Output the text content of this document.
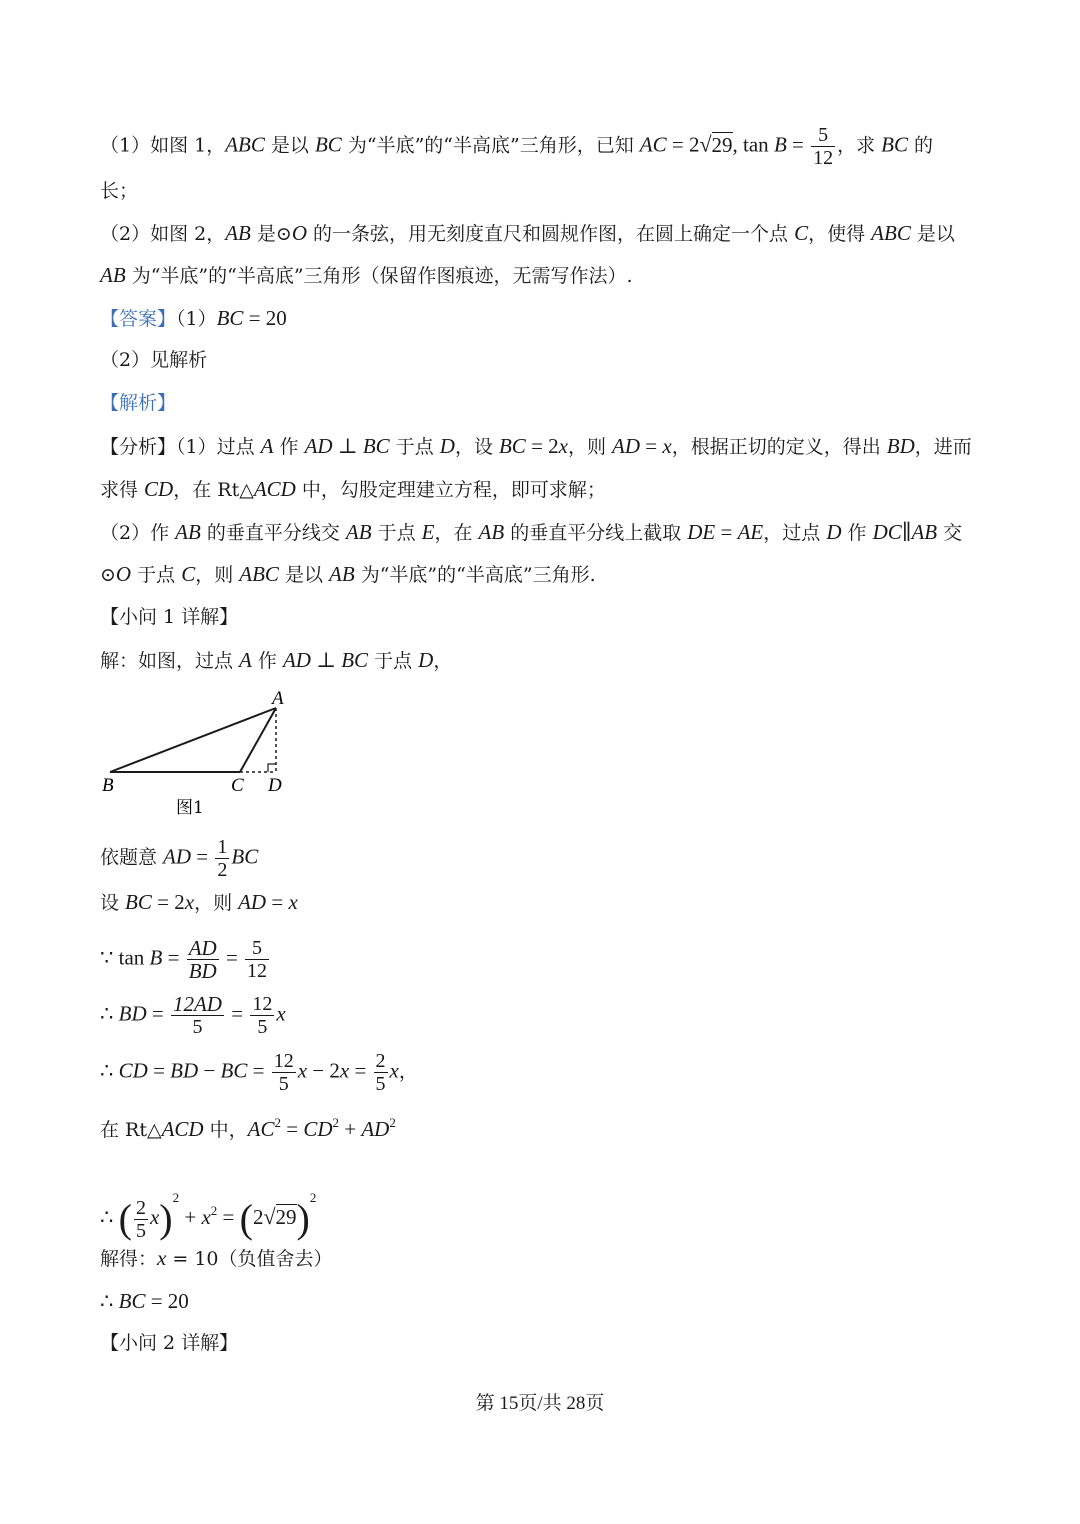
（1）如图 1，ABC 是以 BC 为“半底”的“半高底”三角形，已知 AC = 2√29, $\tan B = \frac{5}{12}$ ，求 BC 的
长；
（2）如图 2，AB 是⊙O 的一条弦，用无刻度直尺和圆规作图，在圆上确定一个点 C，使得 ABC 是以
AB 为“半底”的“半高底”三角形（保留作图痕迹，无需写作法）.
【答案】（1）BC = 20
（2）见解析
【解析】
【分析】（1）过点 A 作 AD ⊥ BC 于点 D，设 BC = 2x，则 AD = x，根据正切的定义，得出 BD，进而
求得 CD，在 Rt△ACD 中，勾股定理建立方程，即可求解；
（2）作 AB 的垂直平分线交 AB 于点 E，在 AB 的垂直平分线上截取 DE = AE，过点 D 作 DC∥AB 交
⊙O 于点 C，则 ABC 是以 AB 为“半底”的“半高底”三角形.
【小问 1 详解】
解：如图，过点 A 作 AD ⊥ BC 于点 D，
A
B	C D
图1
依题意 AD = $\frac{1}{2}$ BC
设 BC = 2x，则 AD = x
∵ $\tan B = \frac{AD}{BD} = \frac{5}{12}$
∴ BD = $\frac{12AD}{5} = \frac{12}{5}$ x
∴ CD = BD − BC = $\frac{12}{5}$ $x - 2x = \frac{2}{5}$ x，
在 Rt△ACD 中，$AC^2 = CD^2 + AD^2$
∴ ( $\frac{2}{5} x)^2 + x^2 = (2√29)^2$
解得：x = 10（负值舍去）
∴ BC = 20
【小问 2 详解】
第 15页/共 28页
